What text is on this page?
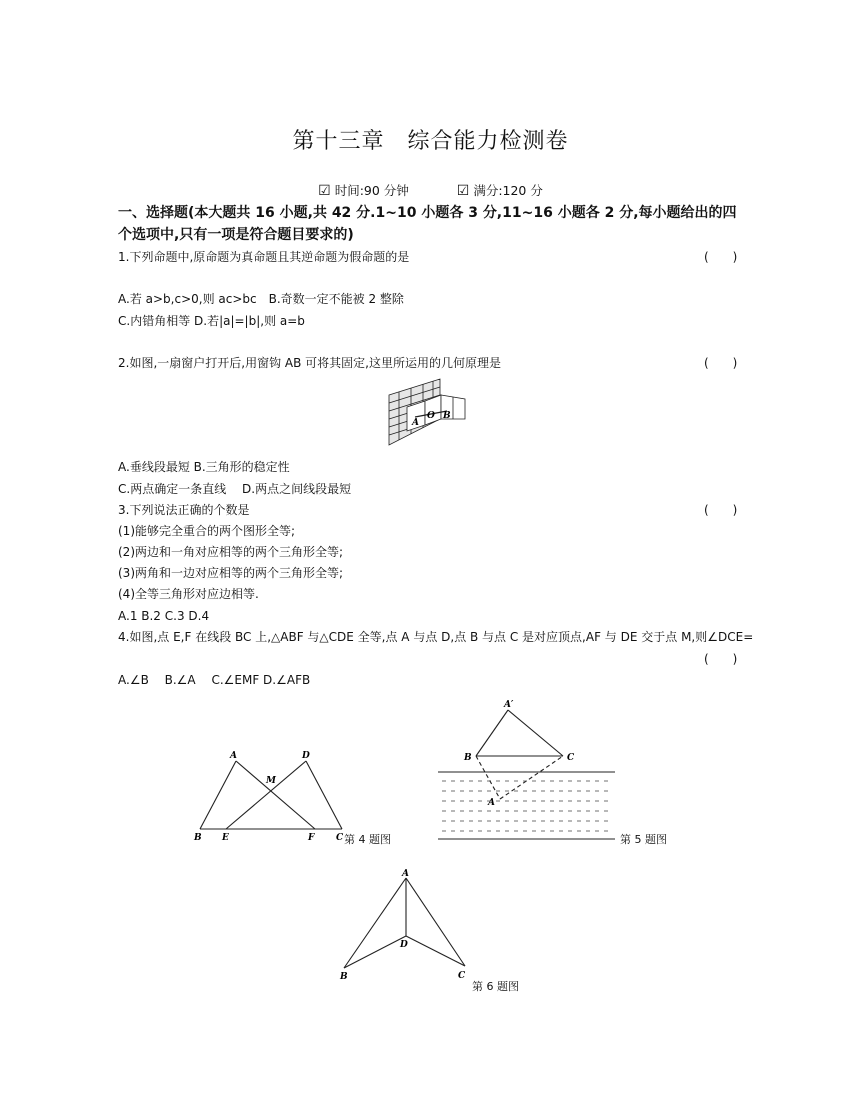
第十三章　综合能力检测卷
☑ 时间:90 分钟	☑ 满分:120 分
一、选择题(本大题共 16 小题,共 42 分.1~10 小题各 3 分,11~16 小题各 2 分,每小题给出的四个选项中,只有一项是符合题目要求的)
1.下列命题中,原命题为真命题且其逆命题为假命题的是	(　　)
A.若 a>b,c>0,则 ac>bc　B.奇数一定不能被 2 整除
C.内错角相等 D.若|a|=|b|,则 a=b
2.如图,一扇窗户打开后,用窗钩 AB 可将其固定,这里所运用的几何原理是	(　　)
A
O B
A.垂线段最短 B.三角形的稳定性
C.两点确定一条直线　 D.两点之间线段最短
3.下列说法正确的个数是	(　　)
(1)能够完全重合的两个图形全等;
(2)两边和一角对应相等的两个三角形全等;
(3)两角和一边对应相等的两个三角形全等;
(4)全等三角形对应边相等.
A.1 B.2 C.3 D.4
4.如图,点 E,F 在线段 BC 上,△ABF 与△CDE 全等,点 A 与点 D,点 B 与点 C 是对应顶点,AF 与 DE 交于点 M,则∠DCE=
(　　)
A.∠B　 B.∠A　 C.∠EMF D.∠AFB
A	D
M
B E	F C 第 4 题图
A′
B	C
A
第 5 题图
A
D
B	C
第 6 题图
